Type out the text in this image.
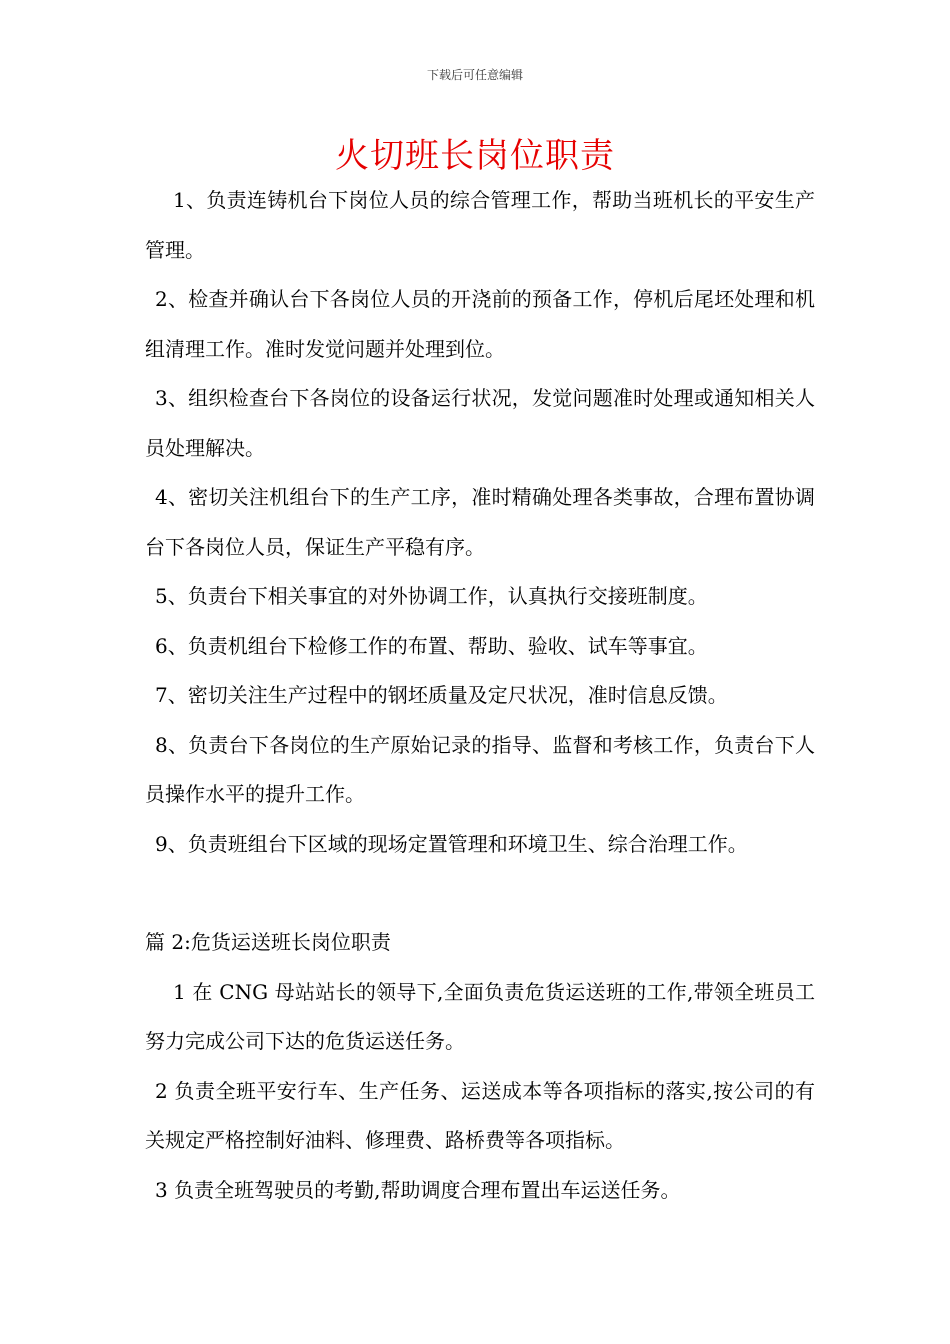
下载后可任意编辑
火切班长岗位职责

1、负责连铸机台下岗位人员的综合管理工作，帮助当班机长的平安生产管理。

2、检查并确认台下各岗位人员的开浇前的预备工作，停机后尾坯处理和机组清理工作。准时发觉问题并处理到位。

3、组织检查台下各岗位的设备运行状况，发觉问题准时处理或通知相关人员处理解决。

4、密切关注机组台下的生产工序，准时精确处理各类事故，合理布置协调台下各岗位人员，保证生产平稳有序。

5、负责台下相关事宜的对外协调工作，认真执行交接班制度。

6、负责机组台下检修工作的布置、帮助、验收、试车等事宜。

7、密切关注生产过程中的钢坯质量及定尺状况，准时信息反馈。

8、负责台下各岗位的生产原始记录的指导、监督和考核工作，负责台下人员操作水平的提升工作。

9、负责班组台下区域的现场定置管理和环境卫生、综合治理工作。

篇 2:危货运送班长岗位职责

1 在 CNG 母站站长的领导下,全面负责危货运送班的工作,带领全班员工努力完成公司下达的危货运送任务。

2 负责全班平安行车、生产任务、运送成本等各项指标的落实,按公司的有关规定严格控制好油料、修理费、路桥费等各项指标。

3 负责全班驾驶员的考勤,帮助调度合理布置出车运送任务。
